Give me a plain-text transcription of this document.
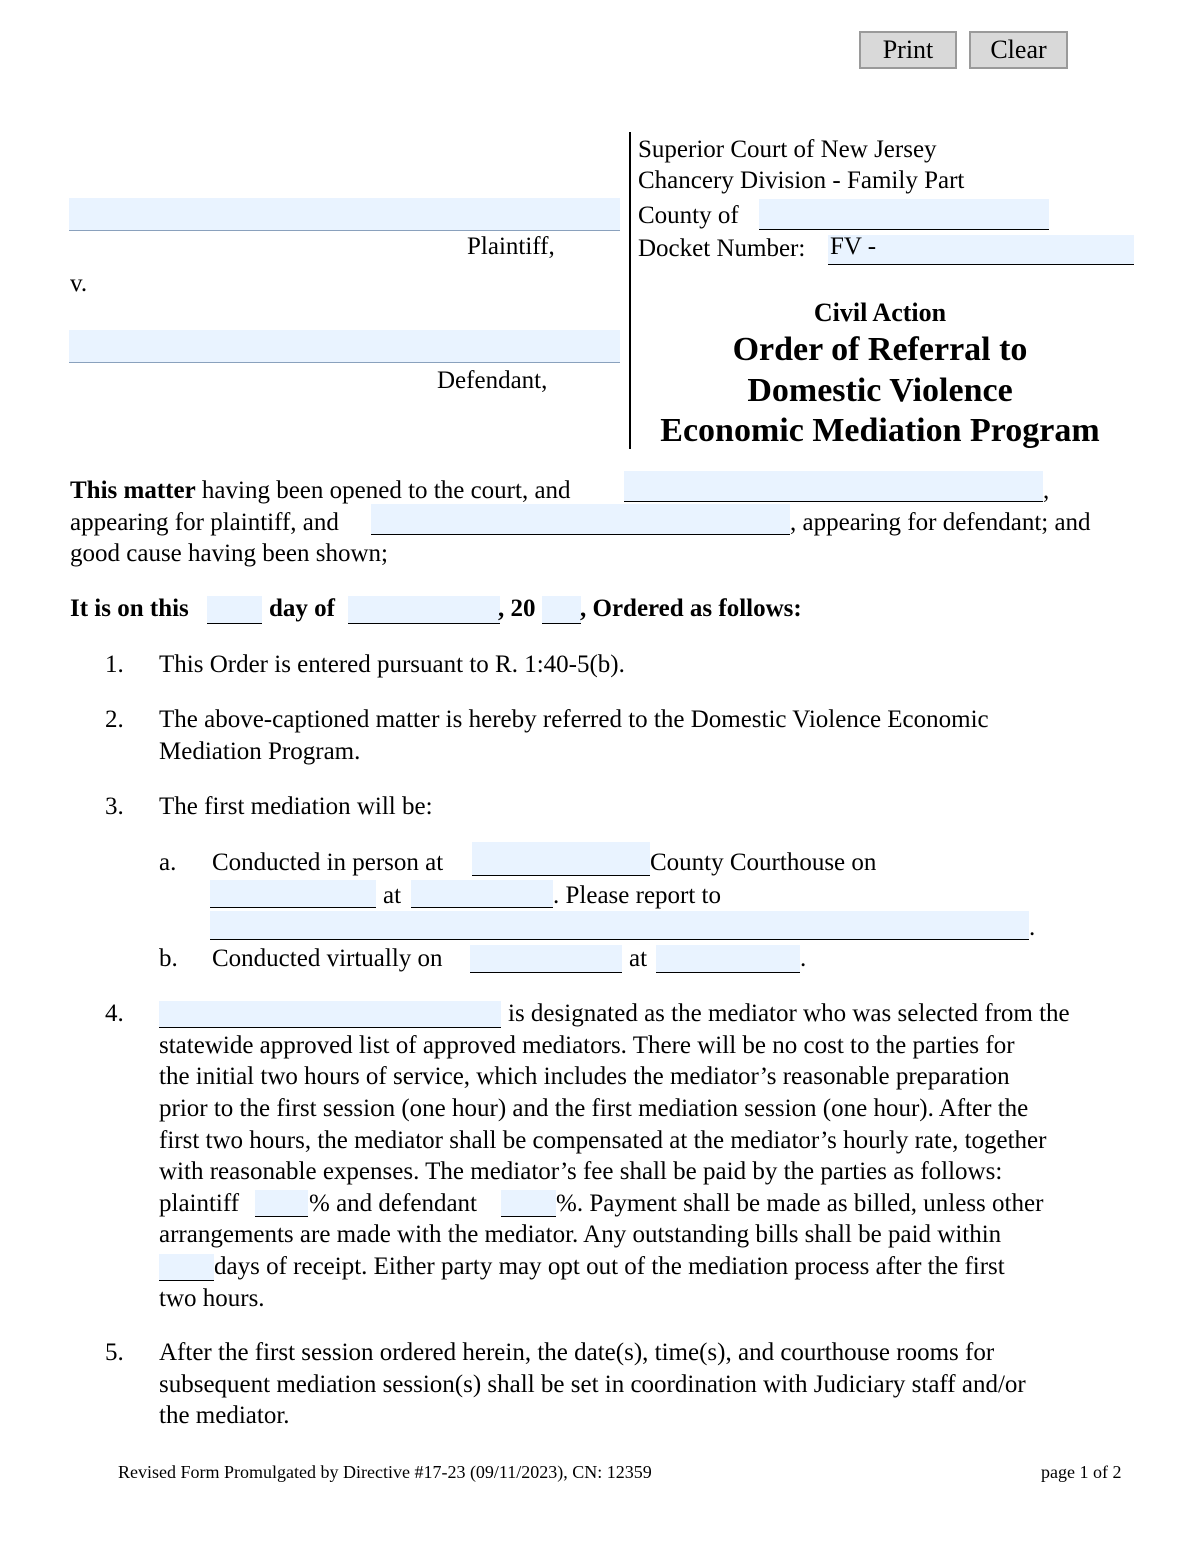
Print	Clear
Plaintiff,
v.
Defendant,
Superior Court of New Jersey
Chancery Division - Family Part
County of
Docket Number: FV -
Civil Action
Order of Referral to
Domestic Violence
Economic Mediation Program
This matter having been opened to the court, and	,
appearing for plaintiff, and	, appearing for defendant; and
good cause having been shown;
It is on this	day of	, 20 , Ordered as follows:
1. This Order is entered pursuant to R. 1:40-5(b).
2. The above-captioned matter is hereby referred to the Domestic Violence Economic
Mediation Program.
3. The first mediation will be:
a. Conducted in person at	County Courthouse on
at	. Please report to
.
b. Conducted virtually on	at	.
4.	is designated as the mediator who was selected from the
statewide approved list of approved mediators. There will be no cost to the parties for
the initial two hours of service, which includes the mediator’s reasonable preparation
prior to the first session (one hour) and the first mediation session (one hour). After the
first two hours, the mediator shall be compensated at the mediator’s hourly rate, together
with reasonable expenses. The mediator’s fee shall be paid by the parties as follows:
plaintiff	% and defendant	%. Payment shall be made as billed, unless other
arrangements are made with the mediator. Any outstanding bills shall be paid within
days of receipt. Either party may opt out of the mediation process after the first
two hours.
5. After the first session ordered herein, the date(s), time(s), and courthouse rooms for
subsequent mediation session(s) shall be set in coordination with Judiciary staff and/or
the mediator.
Revised Form Promulgated by Directive #17-23 (09/11/2023), CN: 12359	page 1 of 2
